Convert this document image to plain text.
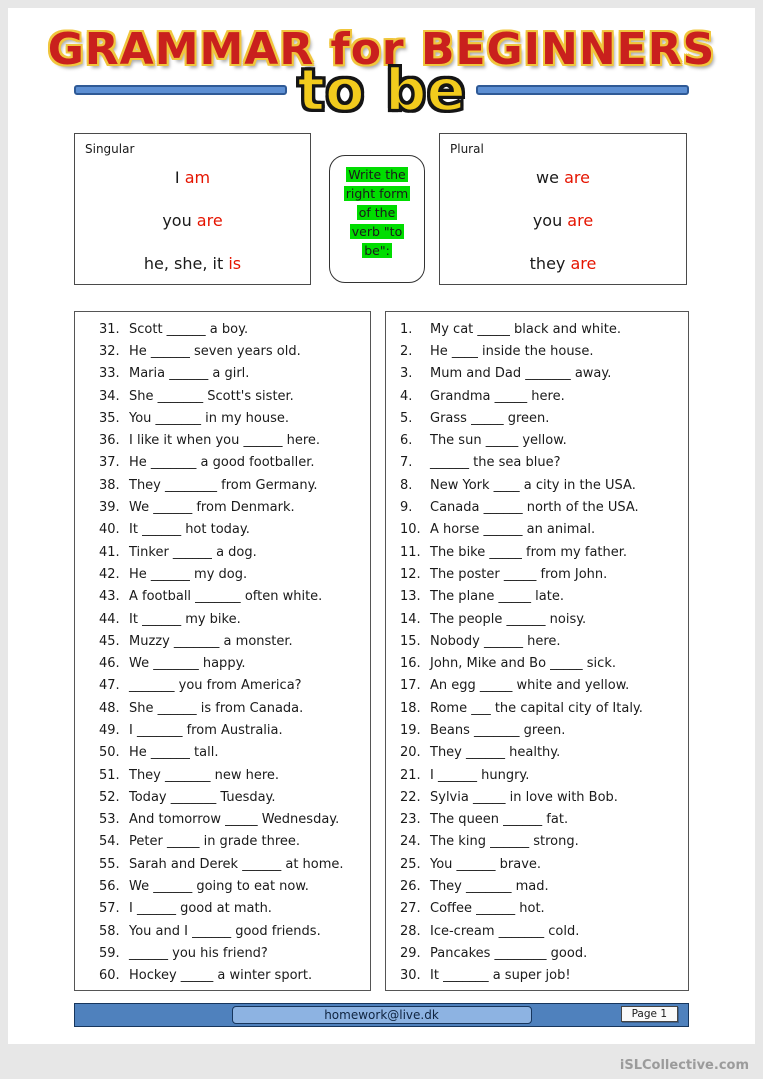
GRAMMAR for BEGINNERS
to be
Singular
I am
you are
he, she, it is
Write the
right form
of the
verb "to
be":
Plural
we are
you are
they are
31. Scott ______ a boy.
32. He ______ seven years old.
33. Maria ______ a girl.
34. She _______ Scott's sister.
35. You _______ in my house.
36. I like it when you ______ here.
37. He _______ a good footballer.
38. They ________ from Germany.
39. We ______ from Denmark.
40. It ______ hot today.
41. Tinker ______ a dog.
42. He ______ my dog.
43. A football _______ often white.
44. It ______ my bike.
45. Muzzy _______ a monster.
46. We _______ happy.
47. _______ you from America?
48. She ______ is from Canada.
49. I _______ from Australia.
50. He ______ tall.
51. They _______ new here.
52. Today _______ Tuesday.
53. And tomorrow _____ Wednesday.
54. Peter _____ in grade three.
55. Sarah and Derek ______ at home.
56. We ______ going to eat now.
57. I ______ good at math.
58. You and I ______ good friends.
59. ______ you his friend?
60. Hockey _____ a winter sport.
1.	My cat _____ black and white.
2.	He ____ inside the house.
3.	Mum and Dad _______ away.
4.	Grandma _____ here.
5.	Grass _____ green.
6.	The sun _____ yellow.
7.	______ the sea blue?
8.	New York ____ a city in the USA.
9.	Canada ______ north of the USA.
10. A horse ______ an animal.
11. The bike _____ from my father.
12. The poster _____ from John.
13. The plane _____ late.
14. The people ______ noisy.
15. Nobody ______ here.
16. John, Mike and Bo _____ sick.
17. An egg _____ white and yellow.
18. Rome ___ the capital city of Italy.
19. Beans _______ green.
20. They ______ healthy.
21. I ______ hungry.
22. Sylvia _____ in love with Bob.
23. The queen ______ fat.
24. The king ______ strong.
25. You ______ brave.
26. They _______ mad.
27. Coffee ______ hot.
28. Ice-cream _______ cold.
29. Pancakes ________ good.
30. It _______ a super job!
homework@live.dk	Page 1
iSLCollective.com
